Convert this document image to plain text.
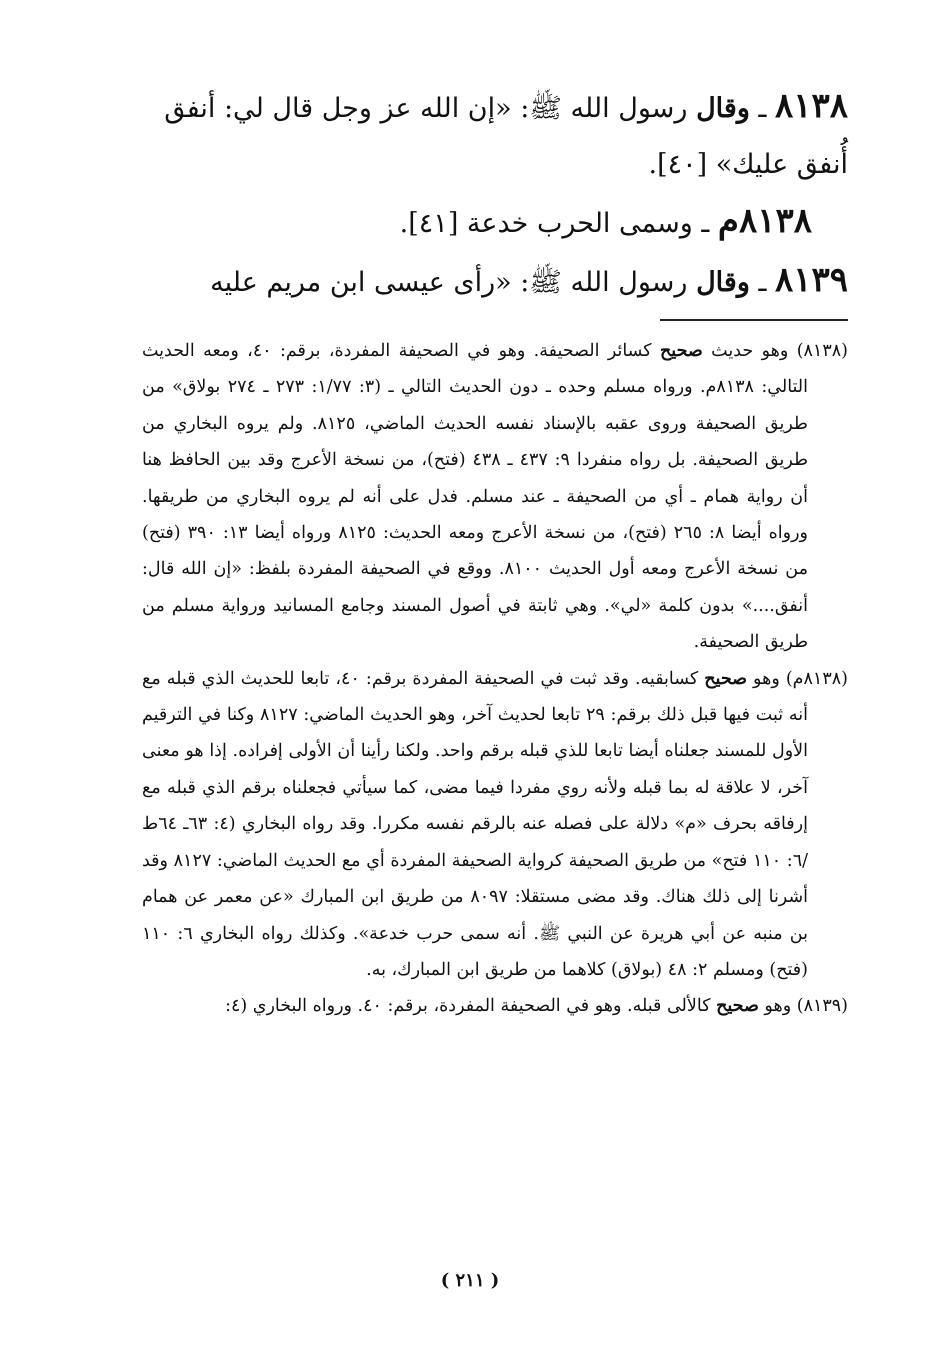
٨١٣٨ ـ وقال رسول الله ﷺ: «إن الله عز وجل قال لي: أنفق أُنفق عليك» [٤٠].

٨١٣٨م ـ وسمى الحرب خدعة [٤١].

٨١٣٩ ـ وقال رسول الله ﷺ: «رأى عيسى ابن مريم عليه

(٨١٣٨) وهو حديث صحيح كسائر الصحيفة. وهو في الصحيفة المفردة، برقم: ٤٠، ومعه الحديث التالي: ٨١٣٨م. ورواه مسلم وحده ـ دون الحديث التالي ـ (٣: ١/٧٧: ٢٧٣ ـ ٢٧٤ بولاق» من طريق الصحيفة وروى عقبه بالإسناد نفسه الحديث الماضي، ٨١٢٥. ولم يروه البخاري من طريق الصحيفة. بل رواه منفردا ٩: ٤٣٧ ـ ٤٣٨ (فتح)، من نسخة الأعرج وقد بين الحافظ هنا أن رواية همام ـ أي من الصحيفة ـ عند مسلم. فدل على أنه لم يروه البخاري من طريقها. ورواه أيضا ٨: ٢٦٥ (فتح)، من نسخة الأعرج ومعه الحديث: ٨١٢٥ ورواه أيضا ١٣: ٣٩٠ (فتح) من نسخة الأعرج ومعه أول الحديث ٨١٠٠. ووقع في الصحيفة المفردة بلفظ: «إن الله قال: أنفق....» بدون كلمة «لي». وهي ثابتة في أصول المسند وجامع المسانيد ورواية مسلم من طريق الصحيفة.

(٨١٣٨م) وهو صحيح كسابقيه. وقد ثبت في الصحيفة المفردة برقم: ٤٠، تابعا للحديث الذي قبله مع أنه ثبت فيها قبل ذلك برقم: ٢٩ تابعا لحديث آخر، وهو الحديث الماضي: ٨١٢٧ وكنا في الترقيم الأول للمسند جعلناه أيضا تابعا للذي قبله برقم واحد. ولكنا رأينا أن الأولى إفراده. إذا هو معنى آخر، لا علاقة له بما قبله ولأنه روي مفردا فيما مضى، كما سيأتي فجعلناه برقم الذي قبله مع إرفاقه بحرف «م» دلالة على فصله عنه بالرقم نفسه مكررا. وقد رواه البخاري (٤: ٦٣ـ ٦٤ط /٦: ١١٠ فتح» من طريق الصحيفة كرواية الصحيفة المفردة أي مع الحديث الماضي: ٨١٢٧ وقد أشرنا إلى ذلك هناك. وقد مضى مستقلا: ٨٠٩٧ من طريق ابن المبارك «عن معمر عن همام بن منبه عن أبي هريرة عن النبي ﷺ. أنه سمى حرب خدعة». وكذلك رواه البخاري ٦: ١١٠ (فتح) ومسلم ٢: ٤٨ (بولاق) كلاهما من طريق ابن المبارك، به.

(٨١٣٩) وهو صحيح كالألى قبله. وهو في الصحيفة المفردة، برقم: ٤٠. ورواه البخاري (٤:

( ٢١١ )
